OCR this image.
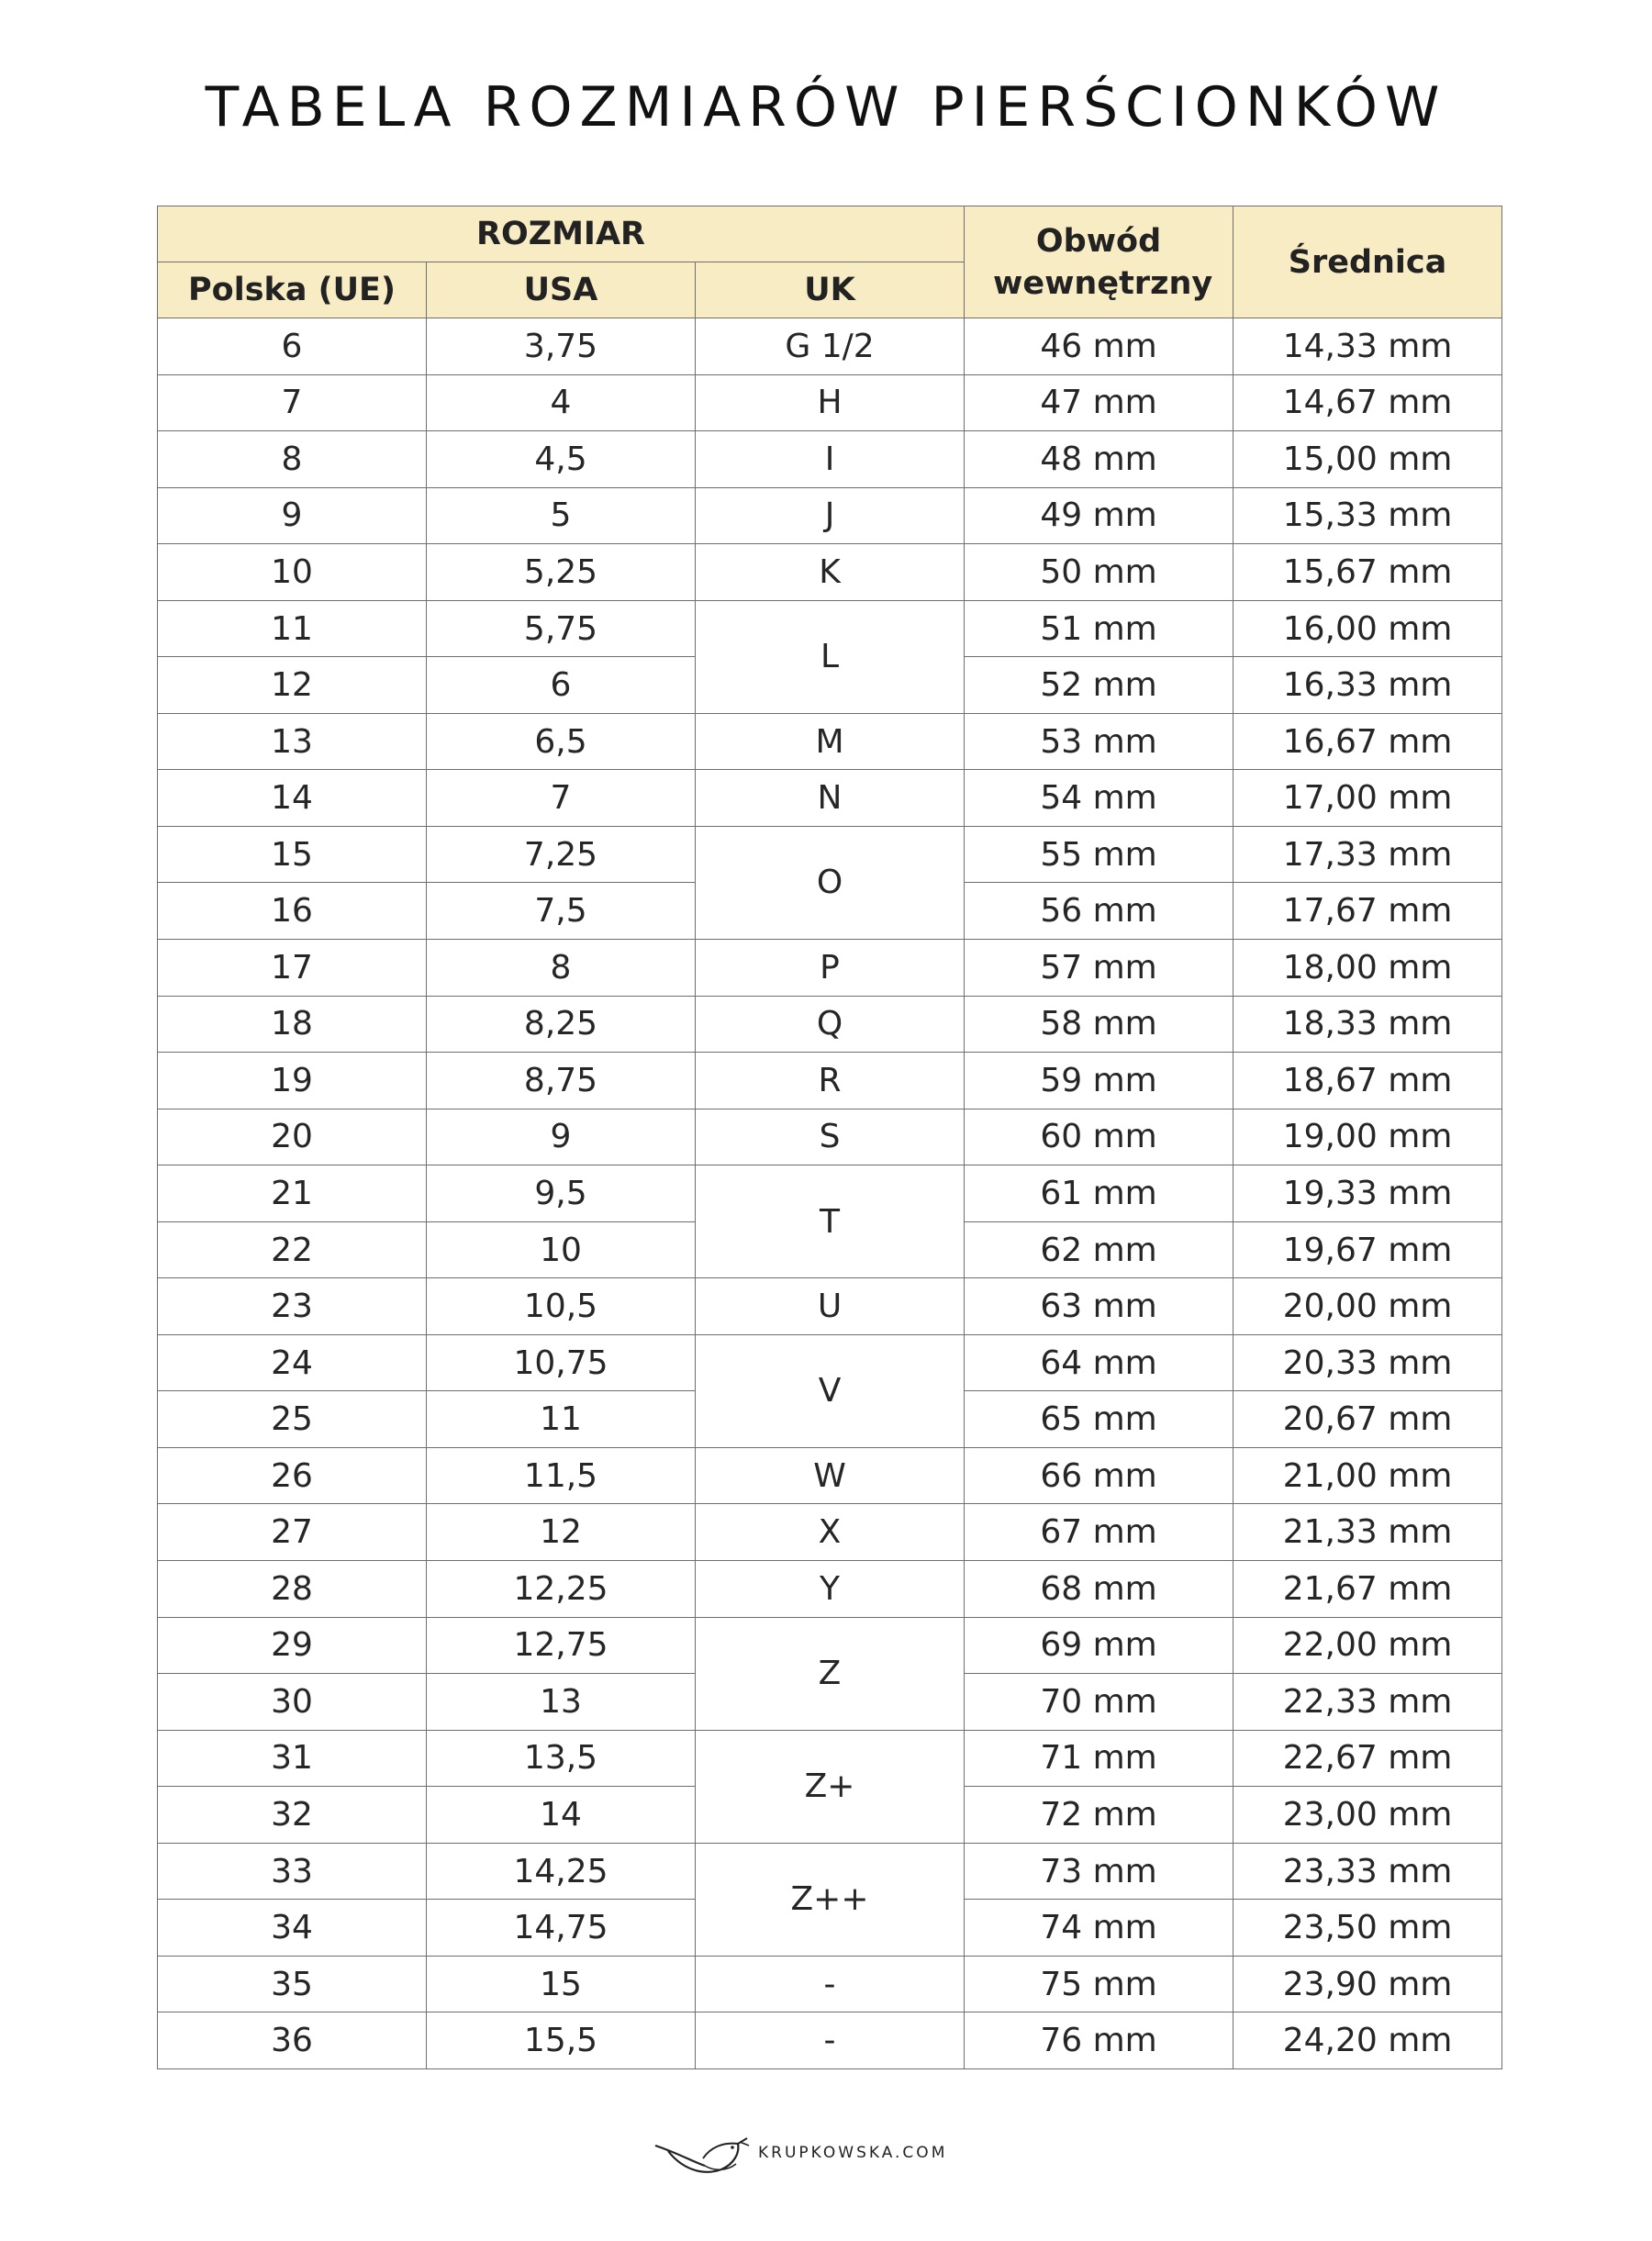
TABELA ROZMIARÓW PIERŚCIONKÓW
ROZMIAR			Obwód wewnętrzny	Średnica
Polska (UE)	USA	UK		
6	3,75	G 1/2	46 mm	14,33 mm
7	4	H	47 mm	14,67 mm
8	4,5	I	48 mm	15,00 mm
9	5	J	49 mm	15,33 mm
10	5,25	K	50 mm	15,67 mm
11	5,75	L	51 mm	16,00 mm
12	6		52 mm	16,33 mm
13	6,5	M	53 mm	16,67 mm
14	7	N	54 mm	17,00 mm
15	7,25	O	55 mm	17,33 mm
16	7,5		56 mm	17,67 mm
17	8	P	57 mm	18,00 mm
18	8,25	Q	58 mm	18,33 mm
19	8,75	R	59 mm	18,67 mm
20	9	S	60 mm	19,00 mm
21	9,5	T	61 mm	19,33 mm
22	10		62 mm	19,67 mm
23	10,5	U	63 mm	20,00 mm
24	10,75	V	64 mm	20,33 mm
25	11		65 mm	20,67 mm
26	11,5	W	66 mm	21,00 mm
27	12	X	67 mm	21,33 mm
28	12,25	Y	68 mm	21,67 mm
29	12,75	Z	69 mm	22,00 mm
30	13		70 mm	22,33 mm
31	13,5	Z+	71 mm	22,67 mm
32	14		72 mm	23,00 mm
33	14,25	Z++	73 mm	23,33 mm
34	14,75		74 mm	23,50 mm
35	15	-	75 mm	23,90 mm
36	15,5	-	76 mm	24,20 mm
KRUPKOWSKA.COM
